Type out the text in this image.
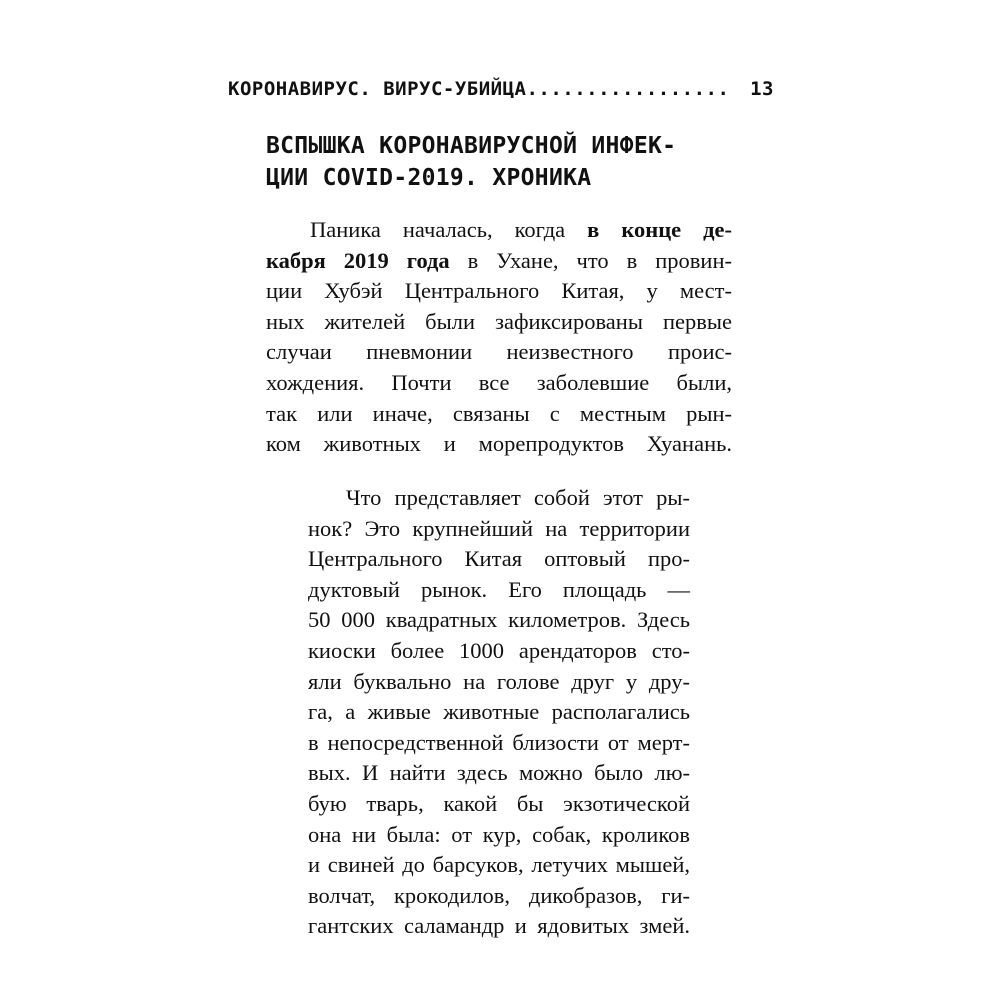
КОРОНАВИРУС. ВИРУС-УБИЙЦА................. 13
ВСПЫШКА КОРОНАВИРУСНОЙ ИНФЕК-
ЦИИ COVID-2019. ХРОНИКА
Паника началась, когда в конце де-
кабря 2019 года в Ухане, что в провин-
ции Хубэй Центрального Китая, у мест-
ных жителей были зафиксированы первые
случаи пневмонии неизвестного проис-
хождения. Почти все заболевшие были,
так или иначе, связаны с местным рын-
ком животных и морепродуктов Хуанань.
Что представляет собой этот ры-
нок? Это крупнейший на территории
Центрального Китая оптовый про-
дуктовый рынок. Его площадь —
50 000 квадратных километров. Здесь
киоски более 1000 арендаторов сто-
яли буквально на голове друг у дру-
га, а живые животные располагались
в непосредственной близости от мерт-
вых. И найти здесь можно было лю-
бую тварь, какой бы экзотической
она ни была: от кур, собак, кроликов
и свиней до барсуков, летучих мышей,
волчат, крокодилов, дикобразов, ги-
гантских саламандр и ядовитых змей.
